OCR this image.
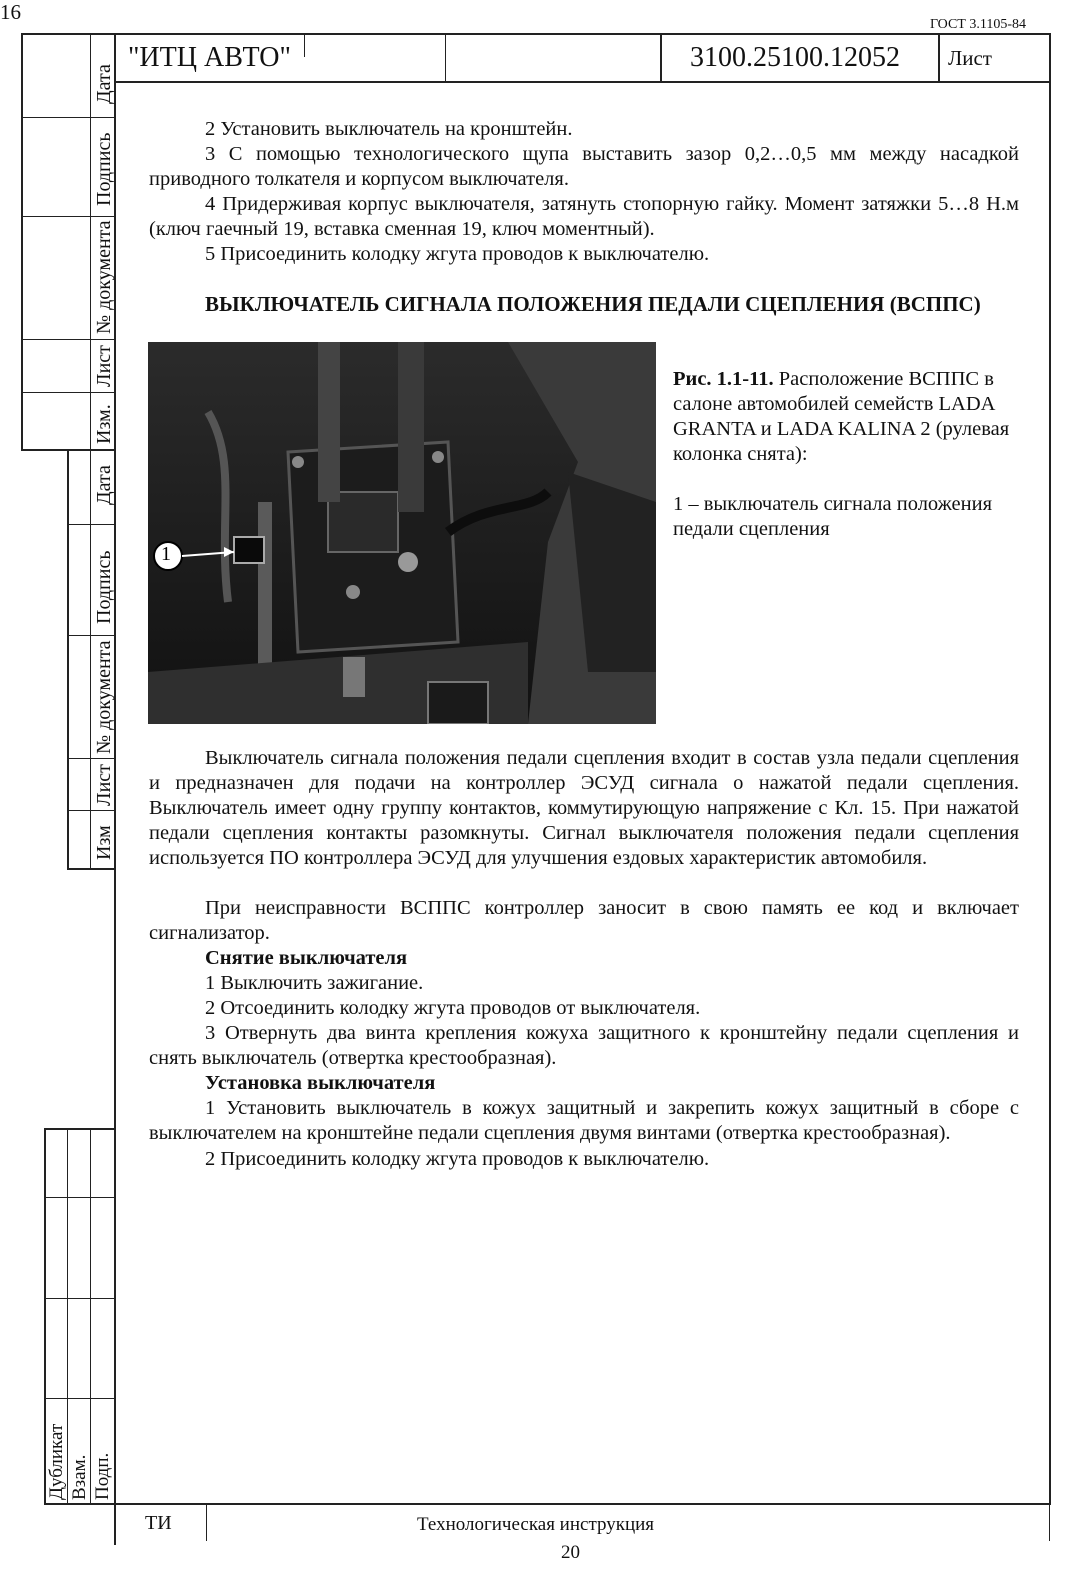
ГОСТ 3.1105-84
"ИТЦ АВТО"	3100.25100.12052 Лист
16
Дата
Подпись
№ документа
Лист
Изм.
Дата
Подпись
№ документа
Лист
Изм
Дубликат Взам. Подп.
2 Установить выключатель на кронштейн.
3 С помощью технологического щупа выставить зазор 0,2…0,5 мм между насадкой приводного толкателя и корпусом выключателя.
4 Придерживая корпус выключателя, затянуть стопорную гайку. Момент затяжки 5…8 Н.м (ключ гаечный 19, вставка сменная 19, ключ моментный).
5 Присоединить колодку жгута проводов к выключателю.
ВЫКЛЮЧАТЕЛЬ СИГНАЛА ПОЛОЖЕНИЯ ПЕДАЛИ СЦЕПЛЕНИЯ (ВСППС)
1
Рис. 1.1-11. Расположение ВСППС в салоне автомобилей семейств LADA GRANTA и LADA KALINA 2 (рулевая колонка снята):
1 – выключатель сигнала положения педали сцепления
Выключатель сигнала положения педали сцепления входит в состав узла педали сцепления и предназначен для подачи на контроллер ЭСУД сигнала о нажатой педали сцепления. Выключатель имеет одну группу контактов, коммутирующую напряжение с Кл. 15. При нажатой педали сцепления контакты разомкнуты. Сигнал выключателя положения педали сцепления используется ПО контроллера ЭСУД для улучшения ездовых характеристик автомобиля.
При неисправности ВСППС контроллер заносит в свою память ее код и включает сигнализатор.
Снятие выключателя
1 Выключить зажигание.
2 Отсоединить колодку жгута проводов от выключателя.
3 Отвернуть два винта крепления кожуха защитного к кронштейну педали сцепления и снять выключатель (отвертка крестообразная).
Установка выключателя
1 Установить выключатель в кожух защитный и закрепить кожух защитный в сборе с выключателем на кронштейне педали сцепления двумя винтами (отвертка крестообразная).
2 Присоединить колодку жгута проводов к выключателю.
ТИ	Технологическая инструкция
20
